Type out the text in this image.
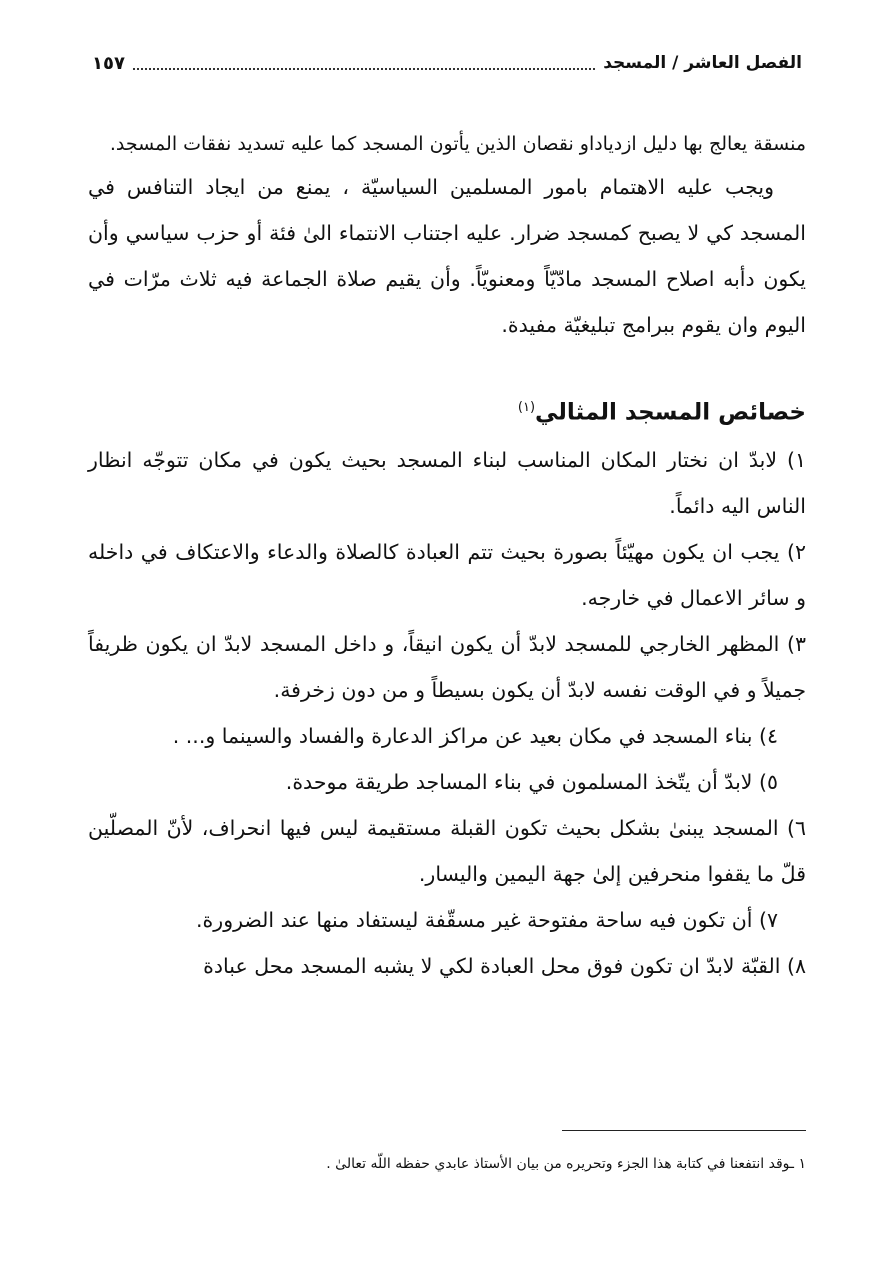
الفصل العاشر / المسجد
١٥٧

منسقة يعالج بها دليل ازدياداو نقصان الذين يأتون المسجد كما عليه تسديد نفقات المسجد.

ويجب عليه الاهتمام بامور المسلمين السياسيّة ، يمنع من ايجاد التنافس في المسجد كي لا يصبح كمسجد ضرار. عليه اجتناب الانتماء الىٰ فئة أو حزب سياسي وأن يكون دأبه اصلاح المسجد مادّيّاً ومعنويّاً. وأن يقيم صلاة الجماعة فيه ثلاث مرّات في اليوم وان يقوم ببرامج تبليغيّة مفيدة.

خصائص المسجد المثالي$^{(١)}$

١) لابدّ ان نختار المكان المناسب لبناء المسجد بحيث يكون في مكان تتوجّه انظار الناس اليه دائماً.

٢) يجب ان يكون مهيّئاً بصورة بحيث تتم العبادة كالصلاة والدعاء والاعتكاف في داخله و سائر الاعمال في خارجه.

٣) المظهر الخارجي للمسجد لابدّ أن يكون انيقاً، و داخل المسجد لابدّ ان يكون ظريفاً جميلاً و في الوقت نفسه لابدّ أن يكون بسيطاً و من دون زخرفة.

٤) بناء المسجد في مكان بعيد عن مراكز الدعارة والفساد والسينما و... .

٥) لابدّ أن يتّخذ المسلمون في بناء المساجد طريقة موحدة.

٦) المسجد يبنىٰ بشكل بحيث تكون القبلة مستقيمة ليس فيها انحراف، لأنّ المصلّين قلّ ما يقفوا منحرفين إلىٰ جهة اليمين واليسار.

٧) أن تكون فيه ساحة مفتوحة غير مسقّفة ليستفاد منها عند الضرورة.

٨) القبّة لابدّ ان تكون فوق محل العبادة لكي لا يشبه المسجد محل عبادة

١ ـوقد انتفعنا في كتابة هذا الجزء وتحريره من بيان الأستاذ عابدي حفظه اللّه تعالىٰ .
